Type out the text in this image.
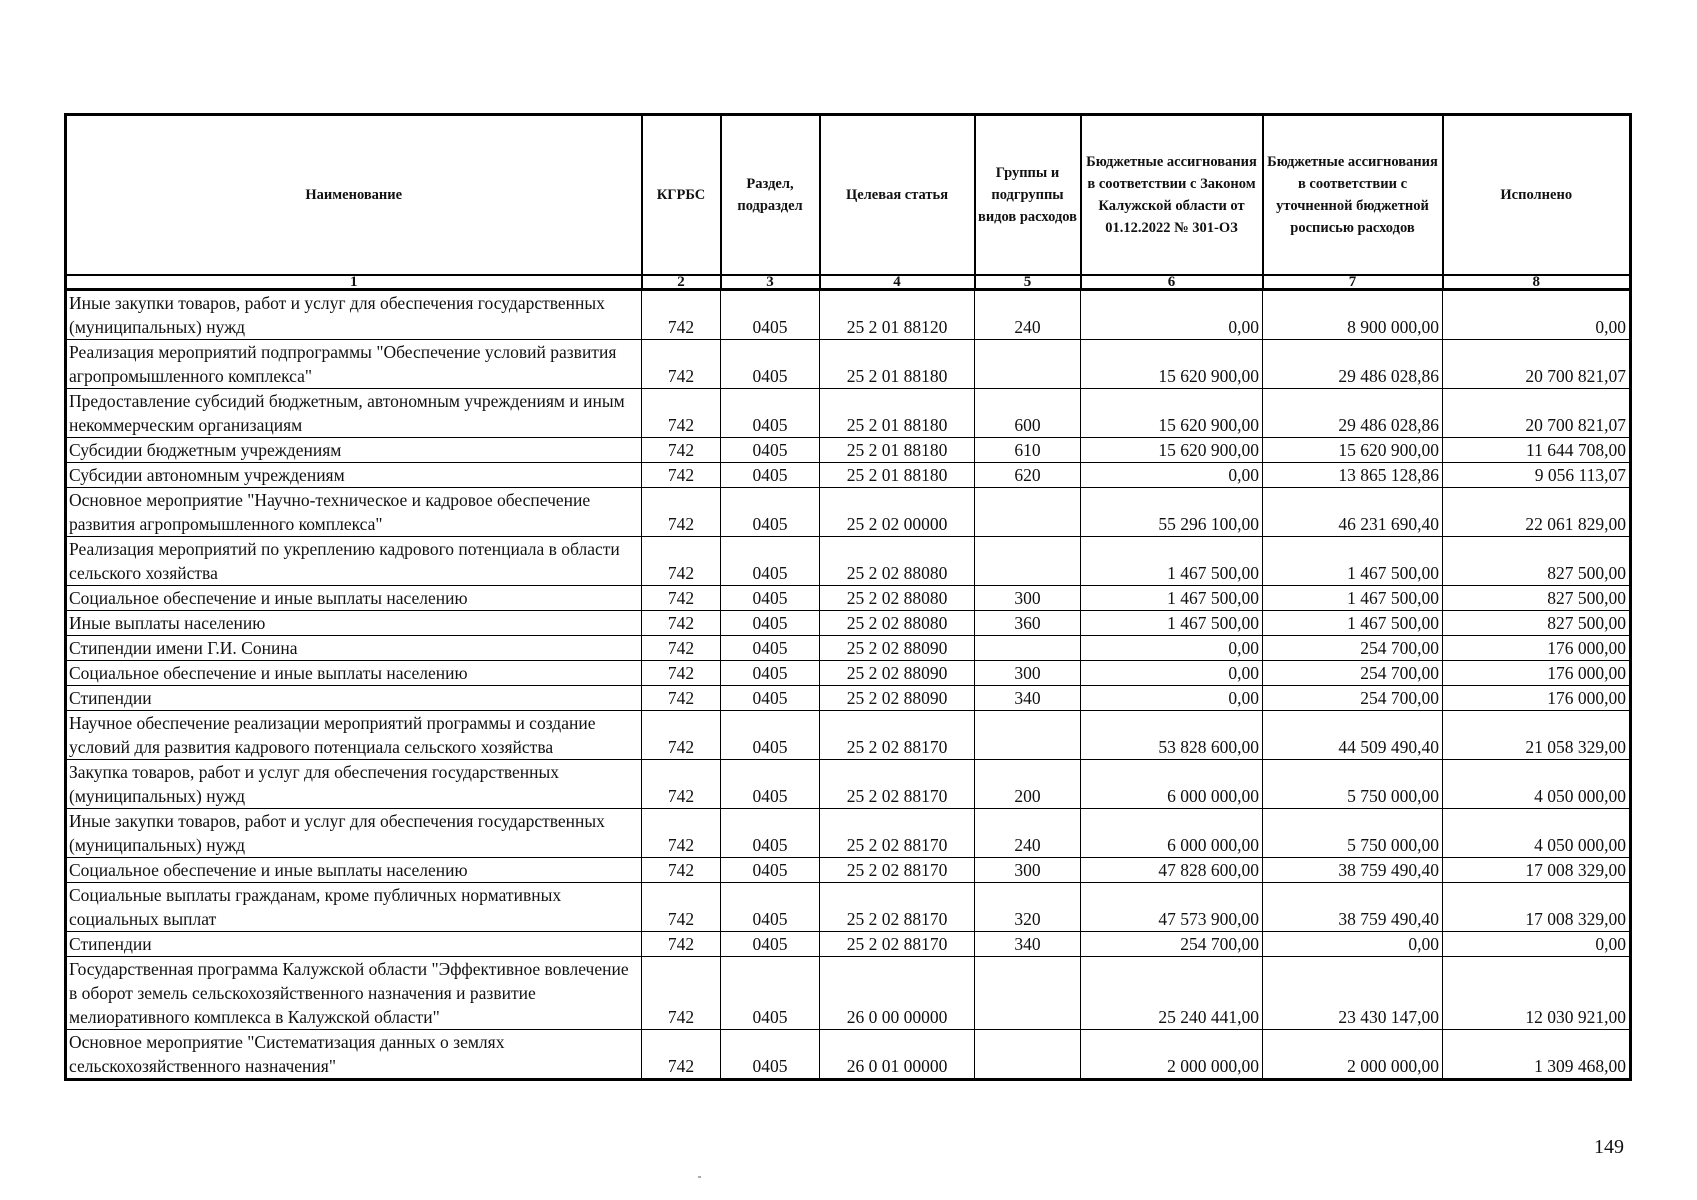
Наименование	КГРБС	Раздел, подраздел	Целевая статья	Группы и подгруппы видов расходов	Бюджетные ассигнования в соответствии с Законом Калужской области от 01.12.2022 № 301-ОЗ	Бюджетные ассигнования в соответствии с уточненной бюджетной росписью расходов	Исполнено
1	2	3	4	5	6	7	8
Иные закупки товаров, работ и услуг для обеспечения государственных (муниципальных) нужд	742	0405	25 2 01 88120	240	0,00	8 900 000,00	0,00
Реализация мероприятий подпрограммы "Обеспечение условий развития агропромышленного комплекса"	742	0405	25 2 01 88180		15 620 900,00	29 486 028,86	20 700 821,07
Предоставление субсидий бюджетным, автономным учреждениям и иным некоммерческим организациям	742	0405	25 2 01 88180	600	15 620 900,00	29 486 028,86	20 700 821,07
Субсидии бюджетным учреждениям	742	0405	25 2 01 88180	610	15 620 900,00	15 620 900,00	11 644 708,00
Субсидии автономным учреждениям	742	0405	25 2 01 88180	620	0,00	13 865 128,86	9 056 113,07
Основное мероприятие "Научно-техническое и кадровое обеспечение развития агропромышленного комплекса"	742	0405	25 2 02 00000		55 296 100,00	46 231 690,40	22 061 829,00
Реализация мероприятий по укреплению кадрового потенциала в области сельского хозяйства	742	0405	25 2 02 88080		1 467 500,00	1 467 500,00	827 500,00
Социальное обеспечение и иные выплаты населению	742	0405	25 2 02 88080	300	1 467 500,00	1 467 500,00	827 500,00
Иные выплаты населению	742	0405	25 2 02 88080	360	1 467 500,00	1 467 500,00	827 500,00
Стипендии имени Г.И. Сонина	742	0405	25 2 02 88090		0,00	254 700,00	176 000,00
Социальное обеспечение и иные выплаты населению	742	0405	25 2 02 88090	300	0,00	254 700,00	176 000,00
Стипендии	742	0405	25 2 02 88090	340	0,00	254 700,00	176 000,00
Научное обеспечение реализации мероприятий программы и создание условий для развития кадрового потенциала сельского хозяйства	742	0405	25 2 02 88170		53 828 600,00	44 509 490,40	21 058 329,00
Закупка товаров, работ и услуг для обеспечения государственных (муниципальных) нужд	742	0405	25 2 02 88170	200	6 000 000,00	5 750 000,00	4 050 000,00
Иные закупки товаров, работ и услуг для обеспечения государственных (муниципальных) нужд	742	0405	25 2 02 88170	240	6 000 000,00	5 750 000,00	4 050 000,00
Социальное обеспечение и иные выплаты населению	742	0405	25 2 02 88170	300	47 828 600,00	38 759 490,40	17 008 329,00
Социальные выплаты гражданам, кроме публичных нормативных социальных выплат	742	0405	25 2 02 88170	320	47 573 900,00	38 759 490,40	17 008 329,00
Стипендии	742	0405	25 2 02 88170	340	254 700,00	0,00	0,00
Государственная программа Калужской области "Эффективное вовлечение в оборот земель сельскохозяйственного назначения и развитие мелиоративного комплекса в Калужской области"	742	0405	26 0 00 00000		25 240 441,00	23 430 147,00	12 030 921,00
Основное мероприятие "Систематизация данных о землях сельскохозяйственного назначения"	742	0405	26 0 01 00000		2 000 000,00	2 000 000,00	1 309 468,00
149
